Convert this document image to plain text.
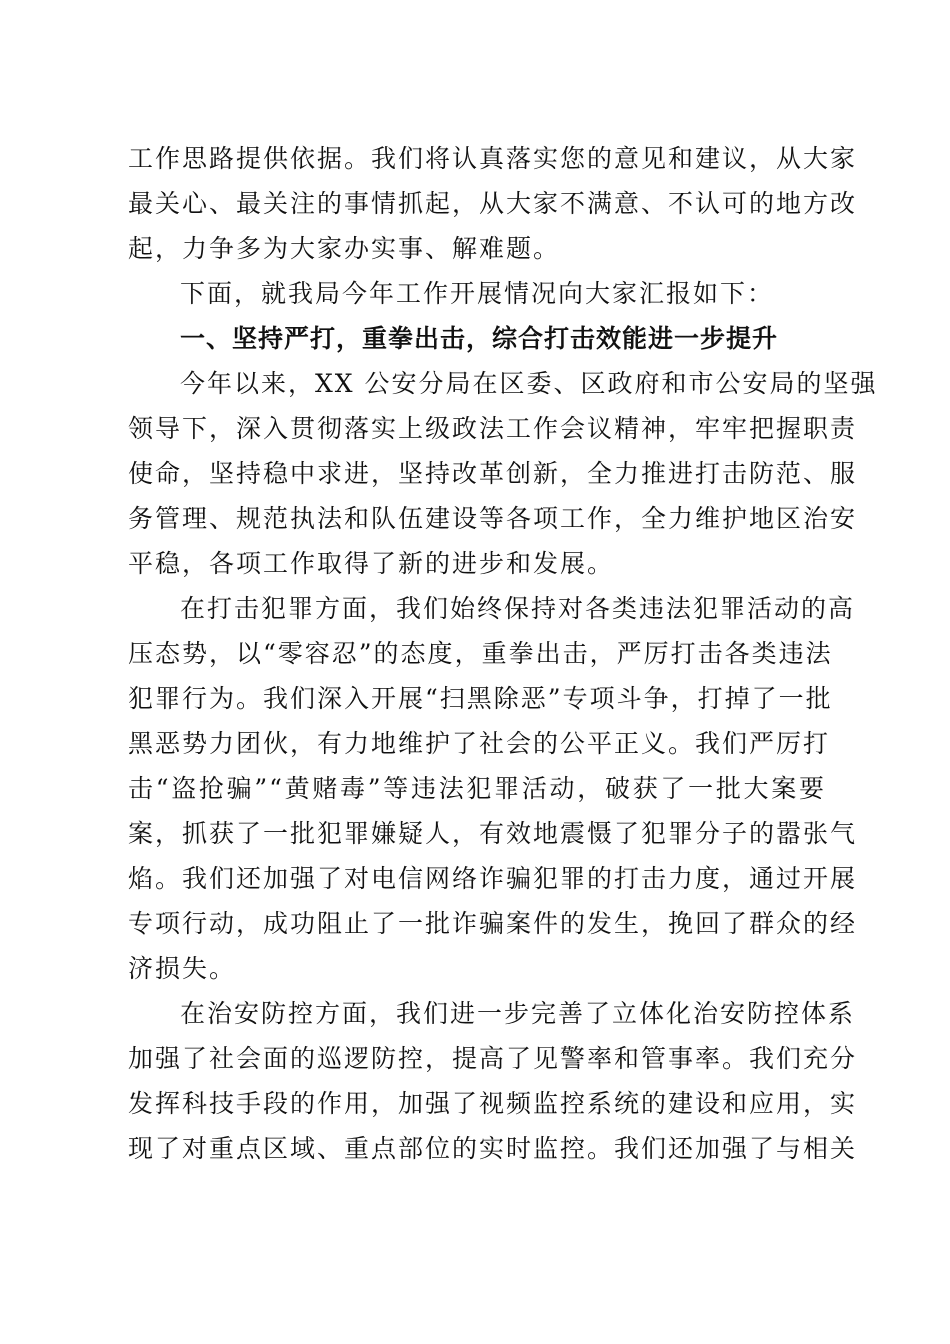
工作思路提供依据。我们将认真落实您的意见和建议，从大家
最关心、最关注的事情抓起，从大家不满意、不认可的地方改
起，力争多为大家办实事、解难题。
下面，就我局今年工作开展情况向大家汇报如下：
一、坚持严打，重拳出击，综合打击效能进一步提升
今年以来，XX 公安分局在区委、区政府和市公安局的坚强
领导下，深入贯彻落实上级政法工作会议精神，牢牢把握职责
使命，坚持稳中求进，坚持改革创新，全力推进打击防范、服
务管理、规范执法和队伍建设等各项工作，全力维护地区治安
平稳，各项工作取得了新的进步和发展。
在打击犯罪方面，我们始终保持对各类违法犯罪活动的高
压态势，以“零容忍”的态度，重拳出击，严厉打击各类违法
犯罪行为。我们深入开展“扫黑除恶”专项斗争，打掉了一批
黑恶势力团伙，有力地维护了社会的公平正义。我们严厉打
击“盗抢骗”“黄赌毒”等违法犯罪活动，破获了一批大案要
案，抓获了一批犯罪嫌疑人，有效地震慑了犯罪分子的嚣张气
焰。我们还加强了对电信网络诈骗犯罪的打击力度，通过开展
专项行动，成功阻止了一批诈骗案件的发生，挽回了群众的经
济损失。
在治安防控方面，我们进一步完善了立体化治安防控体系
加强了社会面的巡逻防控，提高了见警率和管事率。我们充分
发挥科技手段的作用，加强了视频监控系统的建设和应用，实
现了对重点区域、重点部位的实时监控。我们还加强了与相关
